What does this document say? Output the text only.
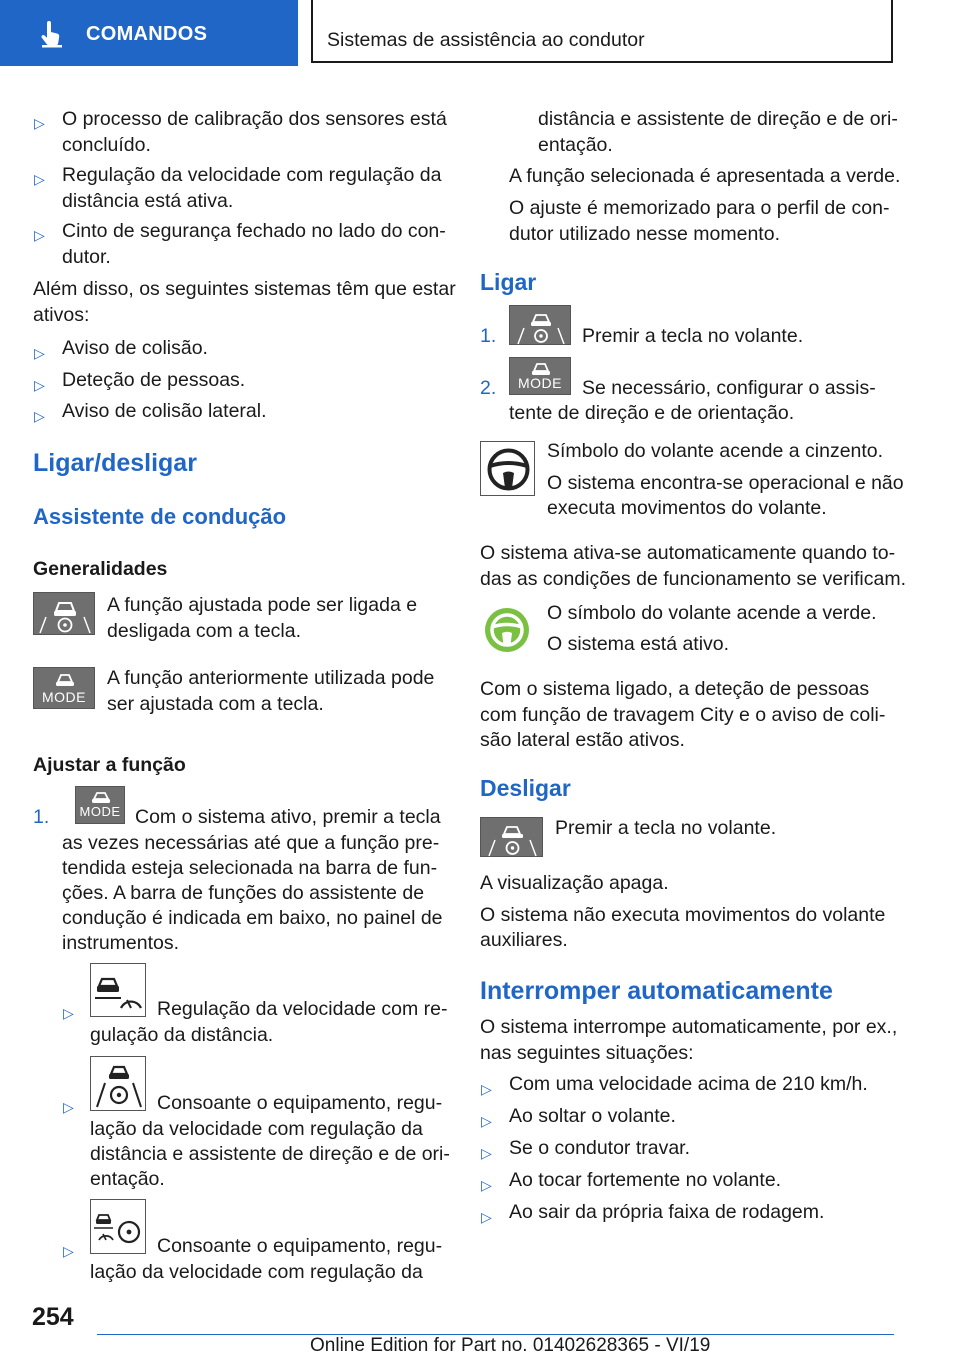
COMANDOS	Sistemas de assistência ao condutor
▷ O processo de calibração dos sensores está
concluído.
▷ Regulação da velocidade com regulação da
distância está ativa.
▷ Cinto de segurança fechado no lado do con-
dutor.
Além disso, os seguintes sistemas têm que estar
ativos:
▷ Aviso de colisão.
▷ Deteção de pessoas.
▷ Aviso de colisão lateral.
Ligar/desligar
Assistente de condução
Generalidades
A função ajustada pode ser ligada e
desligada com a tecla.
MODE
A função anteriormente utilizada pode
ser ajustada com a tecla.
Ajustar a função
1. MODE Com o sistema ativo, premir a tecla
as vezes necessárias até que a função pre-
tendida esteja selecionada na barra de fun-
ções. A barra de funções do assistente de
condução é indicada em baixo, no painel de
instrumentos.
▷	Regulação da velocidade com re-
gulação da distância.
▷	Consoante o equipamento, regu-
lação da velocidade com regulação da
distância e assistente de direção e de ori-
entação.
▷	Consoante o equipamento, regu-
lação da velocidade com regulação da
distância e assistente de direção e de ori-
entação.
A função selecionada é apresentada a verde.
O ajuste é memorizado para o perfil de con-
dutor utilizado nesse momento.
Ligar
1.	Premir a tecla no volante.
2.	MODE	Se necessário, configurar o assis-
tente de direção e de orientação.
Símbolo do volante acende a cinzento.
O sistema encontra-se operacional e não
executa movimentos do volante.
O sistema ativa-se automaticamente quando to-
das as condições de funcionamento se verificam.
O símbolo do volante acende a verde.
O sistema está ativo.
Com o sistema ligado, a deteção de pessoas
com função de travagem City e o aviso de coli-
são lateral estão ativos.
Desligar
Premir a tecla no volante.
A visualização apaga.
O sistema não executa movimentos do volante
auxiliares.
Interromper automaticamente
O sistema interrompe automaticamente, por ex.,
nas seguintes situações:
▷ Com uma velocidade acima de 210 km/h.
▷ Ao soltar o volante.
▷ Se o condutor travar.
▷ Ao tocar fortemente no volante.
▷ Ao sair da própria faixa de rodagem.
254
Online Edition for Part no. 01402628365 - VI/19
